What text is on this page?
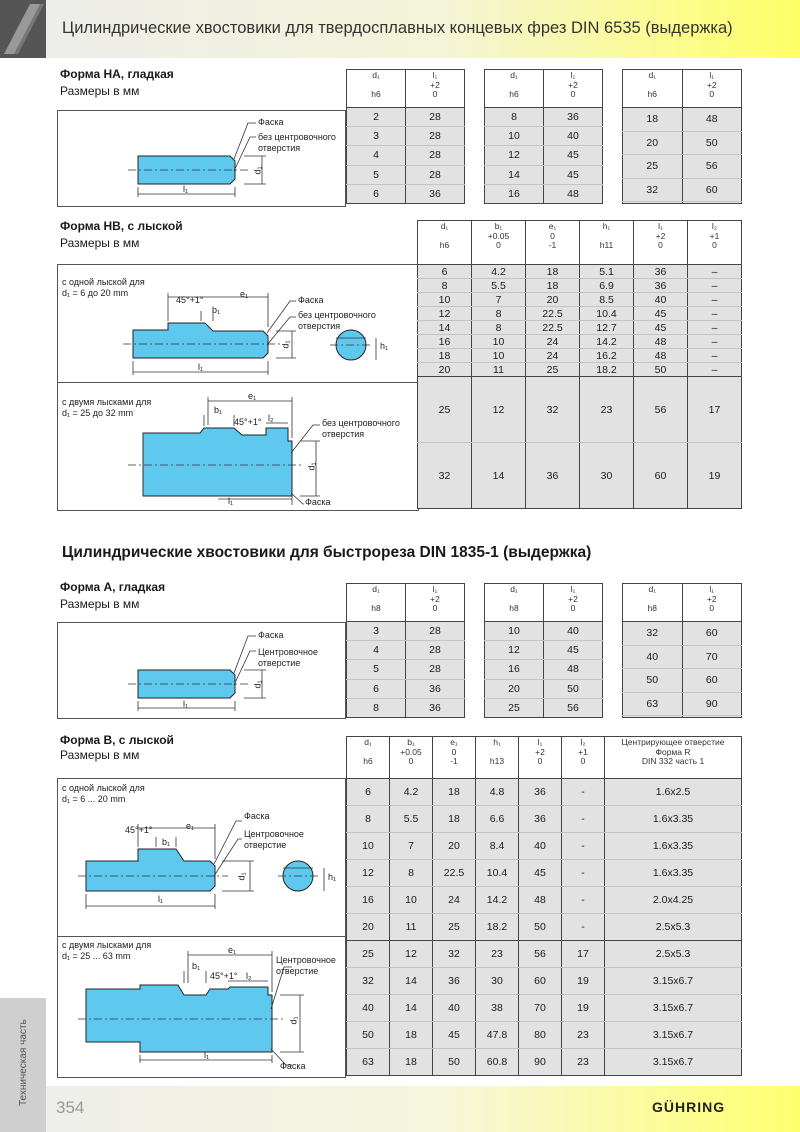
Цилиндрические хвостовики для твердосплавных концевых фрез DIN 6535 (выдержка)
Форма HA, гладкая
Размеры в мм
Фаска
без центровочного отверстия
d₁
l₁
d₁

h6	l₁
+2
0
2	28
3	28
4	28
5	28
6	36
d₁

h6	l₁
+2
0
8	36
10	40
12	45
14	45
16	48
d₁

h6	l₁
+2
0
18	48
20	50
25	56
32	60

Форма HB, с лыской
Размеры в мм
с одной лыской для
d₁ = 6 до 20 mm
45°+1°
e₁
b₁
Фаска
без центровочного
отверстия
d₁	h₁
l₁
с двумя лысками для
d₁ = 25 до 32 mm
e₁
b₁
45°+1° l₂	без центровочного
отверстия
d₁
l₁	Фаска
d₁

h6	b₁
+0.05
0	e₁
0
-1	h₁

h11	l₁
+2
0	l₂
+1
0
6	4.2	18	5.1	36	–
8	5.5	18	6.9	36	–
10	7	20	8.5	40	–
12	8	22.5	10.4	45	–
14	8	22.5	12.7	45	–
16	10	24	14.2	48	–
18	10	24	16.2	48	–
20	11	25	18.2	50	–
25	12	32	23	56	17
32	14	36	30	60	19
Цилиндрические хвостовики для быстрореза DIN 1835-1 (выдержка)
Форма A, гладкая
Размеры в мм
Фаска
Центровочное
отверстие
d₁
l₁
d₁

h8	l₁
+2
0
3	28
4	28
5	28
6	36
8	36
d₁

h8	l₁
+2
0
10	40
12	45
16	48
20	50
25	56
d₁

h8	l₁
+2
0
32	60
40	70
50	60
63	90

Форма B, с лыской
Размеры в мм
с одной лыской для
d₁ = 6 ... 20 mm
45°+1°	e₁
b₁
Фаска
Центровочное
отверстие
d₁	h₁
l₁
с двумя лысками для
d₁ = 25 ... 63 mm
e₁
b₁
45°+1° l₂
Центровочное
отверстие
d₁
l₁
Фаска
d₁

h6	b₁
+0.05
0	e₁
0
-1	h₁

h13	l₁
+2
0	l₂
+1
0	Центрирующее отверстие
Форма R
DIN 332 часть 1
6	4.2	18	4.8	36	-	1.6x2.5
8	5.5	18	6.6	36	-	1.6x3.35
10	7	20	8.4	40	-	1.6x3.35
12	8	22.5	10.4	45	-	1.6x3.35
16	10	24	14.2	48	-	2.0x4.25
20	11	25	18.2	50	-	2.5x5.3
25	12	32	23	56	17	2.5x5.3
32	14	36	30	60	19	3.15x6.7
40	14	40	38	70	19	3.15x6.7
50	18	45	47.8	80	23	3.15x6.7
63	18	50	60.8	90	23	3.15x6.7
Техническая часть
354	GÜHRING
